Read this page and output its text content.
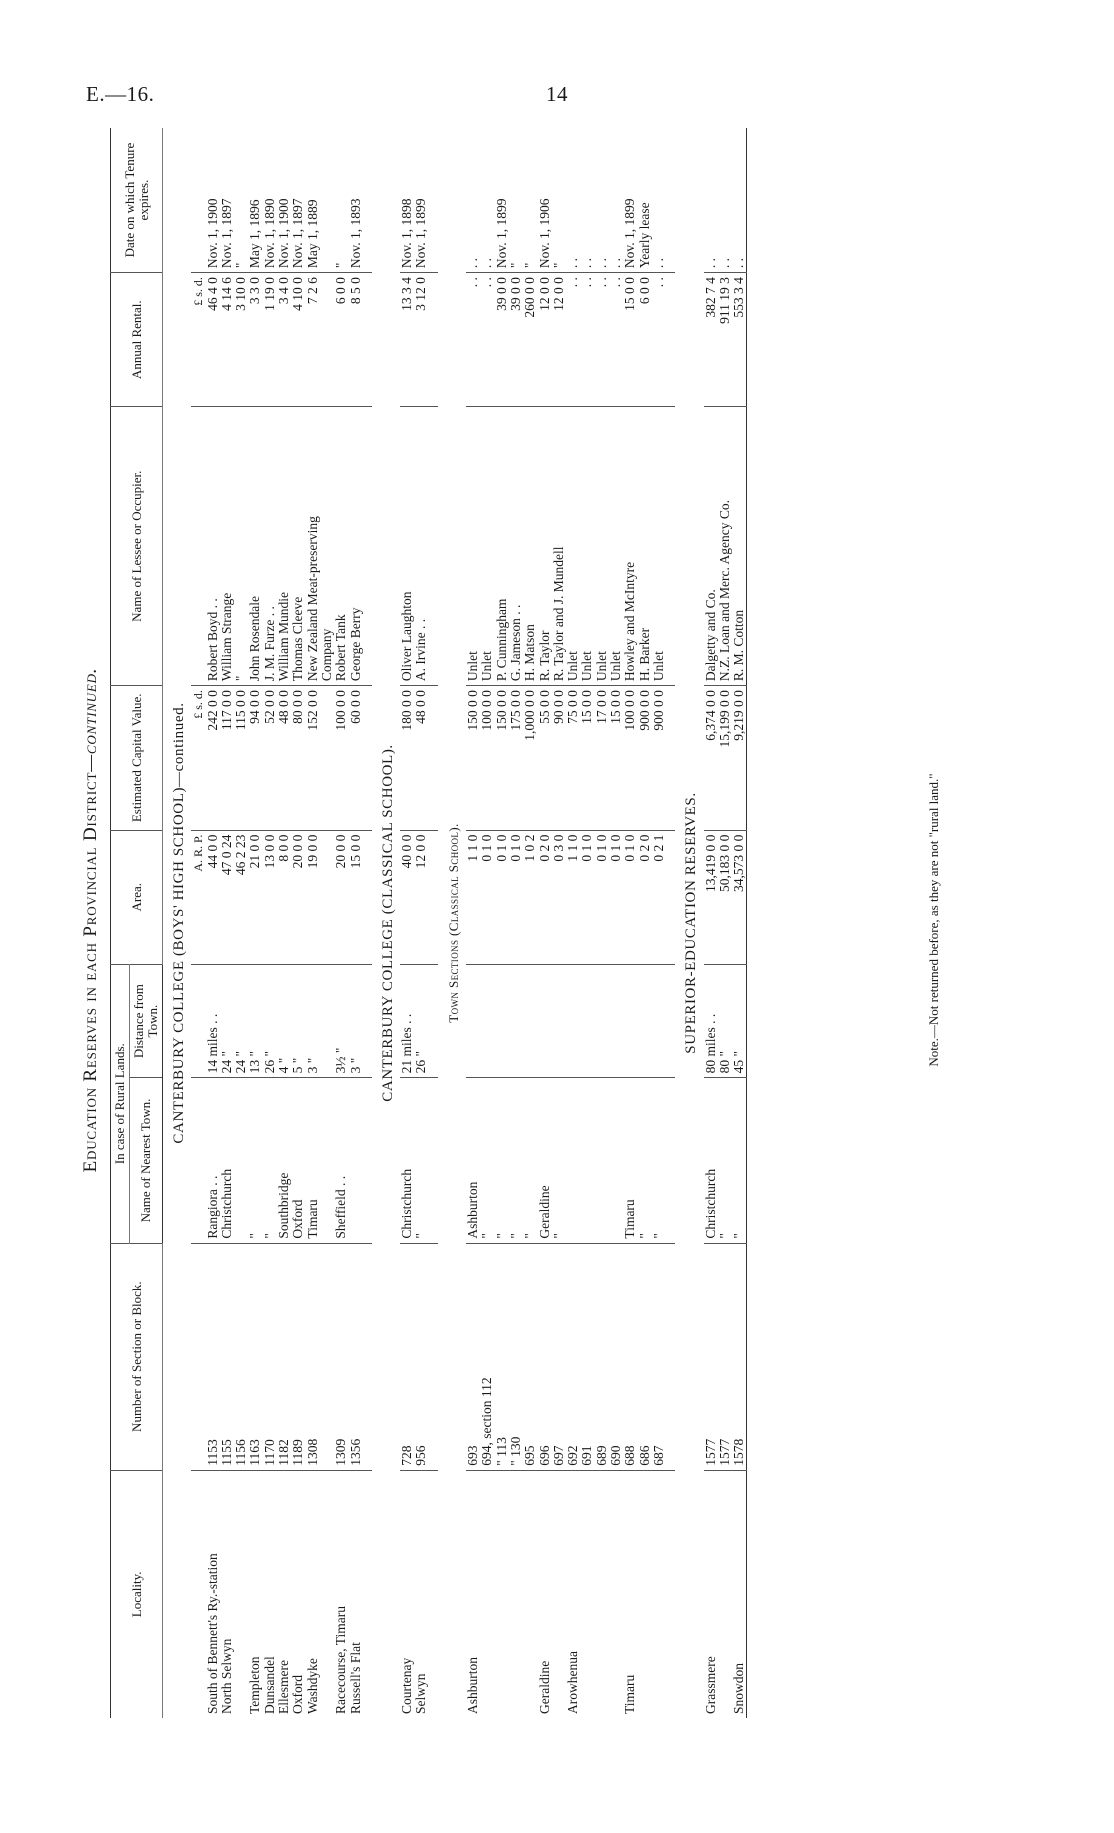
E.—16.	14
Education Reserves in each Provincial District—continued.
Locality.	Number of Section or Block.	In case of Rural Lands.		Area.	Estimated Capital Value.	Name of Lessee or Occupier.	Annual Rental.	Date on which Tenure expires.
		Name of Nearest Town.	Distance from Town.					
CANTERBURY COLLEGE (BOYS' HIGH SCHOOL)—continued.								
				A. R. P.	£ s. d.		£ s. d.	
South of Bennett's Ry.-station	1153	Rangiora . .	14 miles . .	44 0 0	242 0 0	Robert Boyd . .	46 4 0	Nov. 1, 1900
North Selwyn	1155	Christchurch	24 "	47 0 24	117 0 0	William Strange	4 14 6	Nov. 1, 1897
	1156		24 "	46 2 23	115 0 0	"	3 10 0	"
Templeton	1163	"	13 "	21 0 0	94 0 0	John Rosendale	3 3 0	May 1, 1896
Dunsandel	1170	"	26 "	13 0 0	52 0 0	J. M. Furze . .	1 19 0	Nov. 1, 1890
Ellesmere	1182	Southbridge	4 "	8 0 0	48 0 0	William Mundie	3 4 0	Nov. 1, 1900
Oxford	1189	Oxford	5 "	20 0 0	80 0 0	Thomas Cleeve	4 10 0	Nov. 1, 1897
Washdyke	1308	Timaru	3 "	19 0 0	152 0 0	New Zealand Meat-preserving	7 2 6	May 1, 1889
						Company		
Racecourse, Timaru	1309	Sheffield . .	3½ "	20 0 0	100 0 0	Robert Tank	6 0 0	"
Russell's Flat	1356		3 "	15 0 0	60 0 0	George Berry	8 5 0	Nov. 1, 1893

CANTERBURY COLLEGE (CLASSICAL SCHOOL).								
Courtenay	728	Christchurch	21 miles . .	40 0 0	180 0 0	Oliver Laughton	13 3 4	Nov. 1, 1898
Selwyn	956	"	26 "	12 0 0	48 0 0	A. Irvine . .	3 12 0	Nov. 1, 1899

Town Sections (Classical School).								
Ashburton	693	Ashburton		1 1 0	150 0 0	Unlet	. .	. .
	694, section 112	"		0 1 0	100 0 0	Unlet	. .	. .
	" 113	"		0 1 0	150 0 0	P. Cunningham	39 0 0	Nov. 1, 1899
	" 130	"		0 1 0	175 0 0	G. Jameson . .	39 0 0	"
	695	"		1 0 2	1,000 0 0	H. Matson	260 0 0	"
Geraldine	696	Geraldine		0 2 0	55 0 0	R. Taylor	12 0 0	Nov. 1, 1906
	697	"		0 3 0	90 0 0	R. Taylor and J. Mundell	12 0 0	"
Arowhenua	692			1 1 0	75 0 0	Unlet	. .	. .
	691			0 1 0	15 0 0	Unlet	. .	. .
	689			0 1 0	17 0 0	Unlet	. .	. .
	690			0 1 0	15 0 0	Unlet	. .	. .
Timaru	688	Timaru		0 1 0	100 0 0	Howley and McIntyre	15 0 0	Nov. 1, 1899
	686	"		0 2 0	900 0 0	H. Barker	6 0 0	Yearly lease
	687	"		0 2 1	900 0 0	Unlet	. .	. .

SUPERIOR-EDUCATION RESERVES.								
Grassmere	1577	Christchurch	80 miles . .	13,419 0 0	6,374 0 0	Dalgetty and Co.	382 7 4	. .
	1577	"	80 "	50,183 0 0	15,199 0 0	N.Z. Loan and Merc. Agency Co.	911 19 3	. .
Snowdon	1578	"	45 "	34,573 0 0	9,219 0 0	R. M. Cotton	553 3 4	. .
Note.—Not returned before, as they are not "rural land."
